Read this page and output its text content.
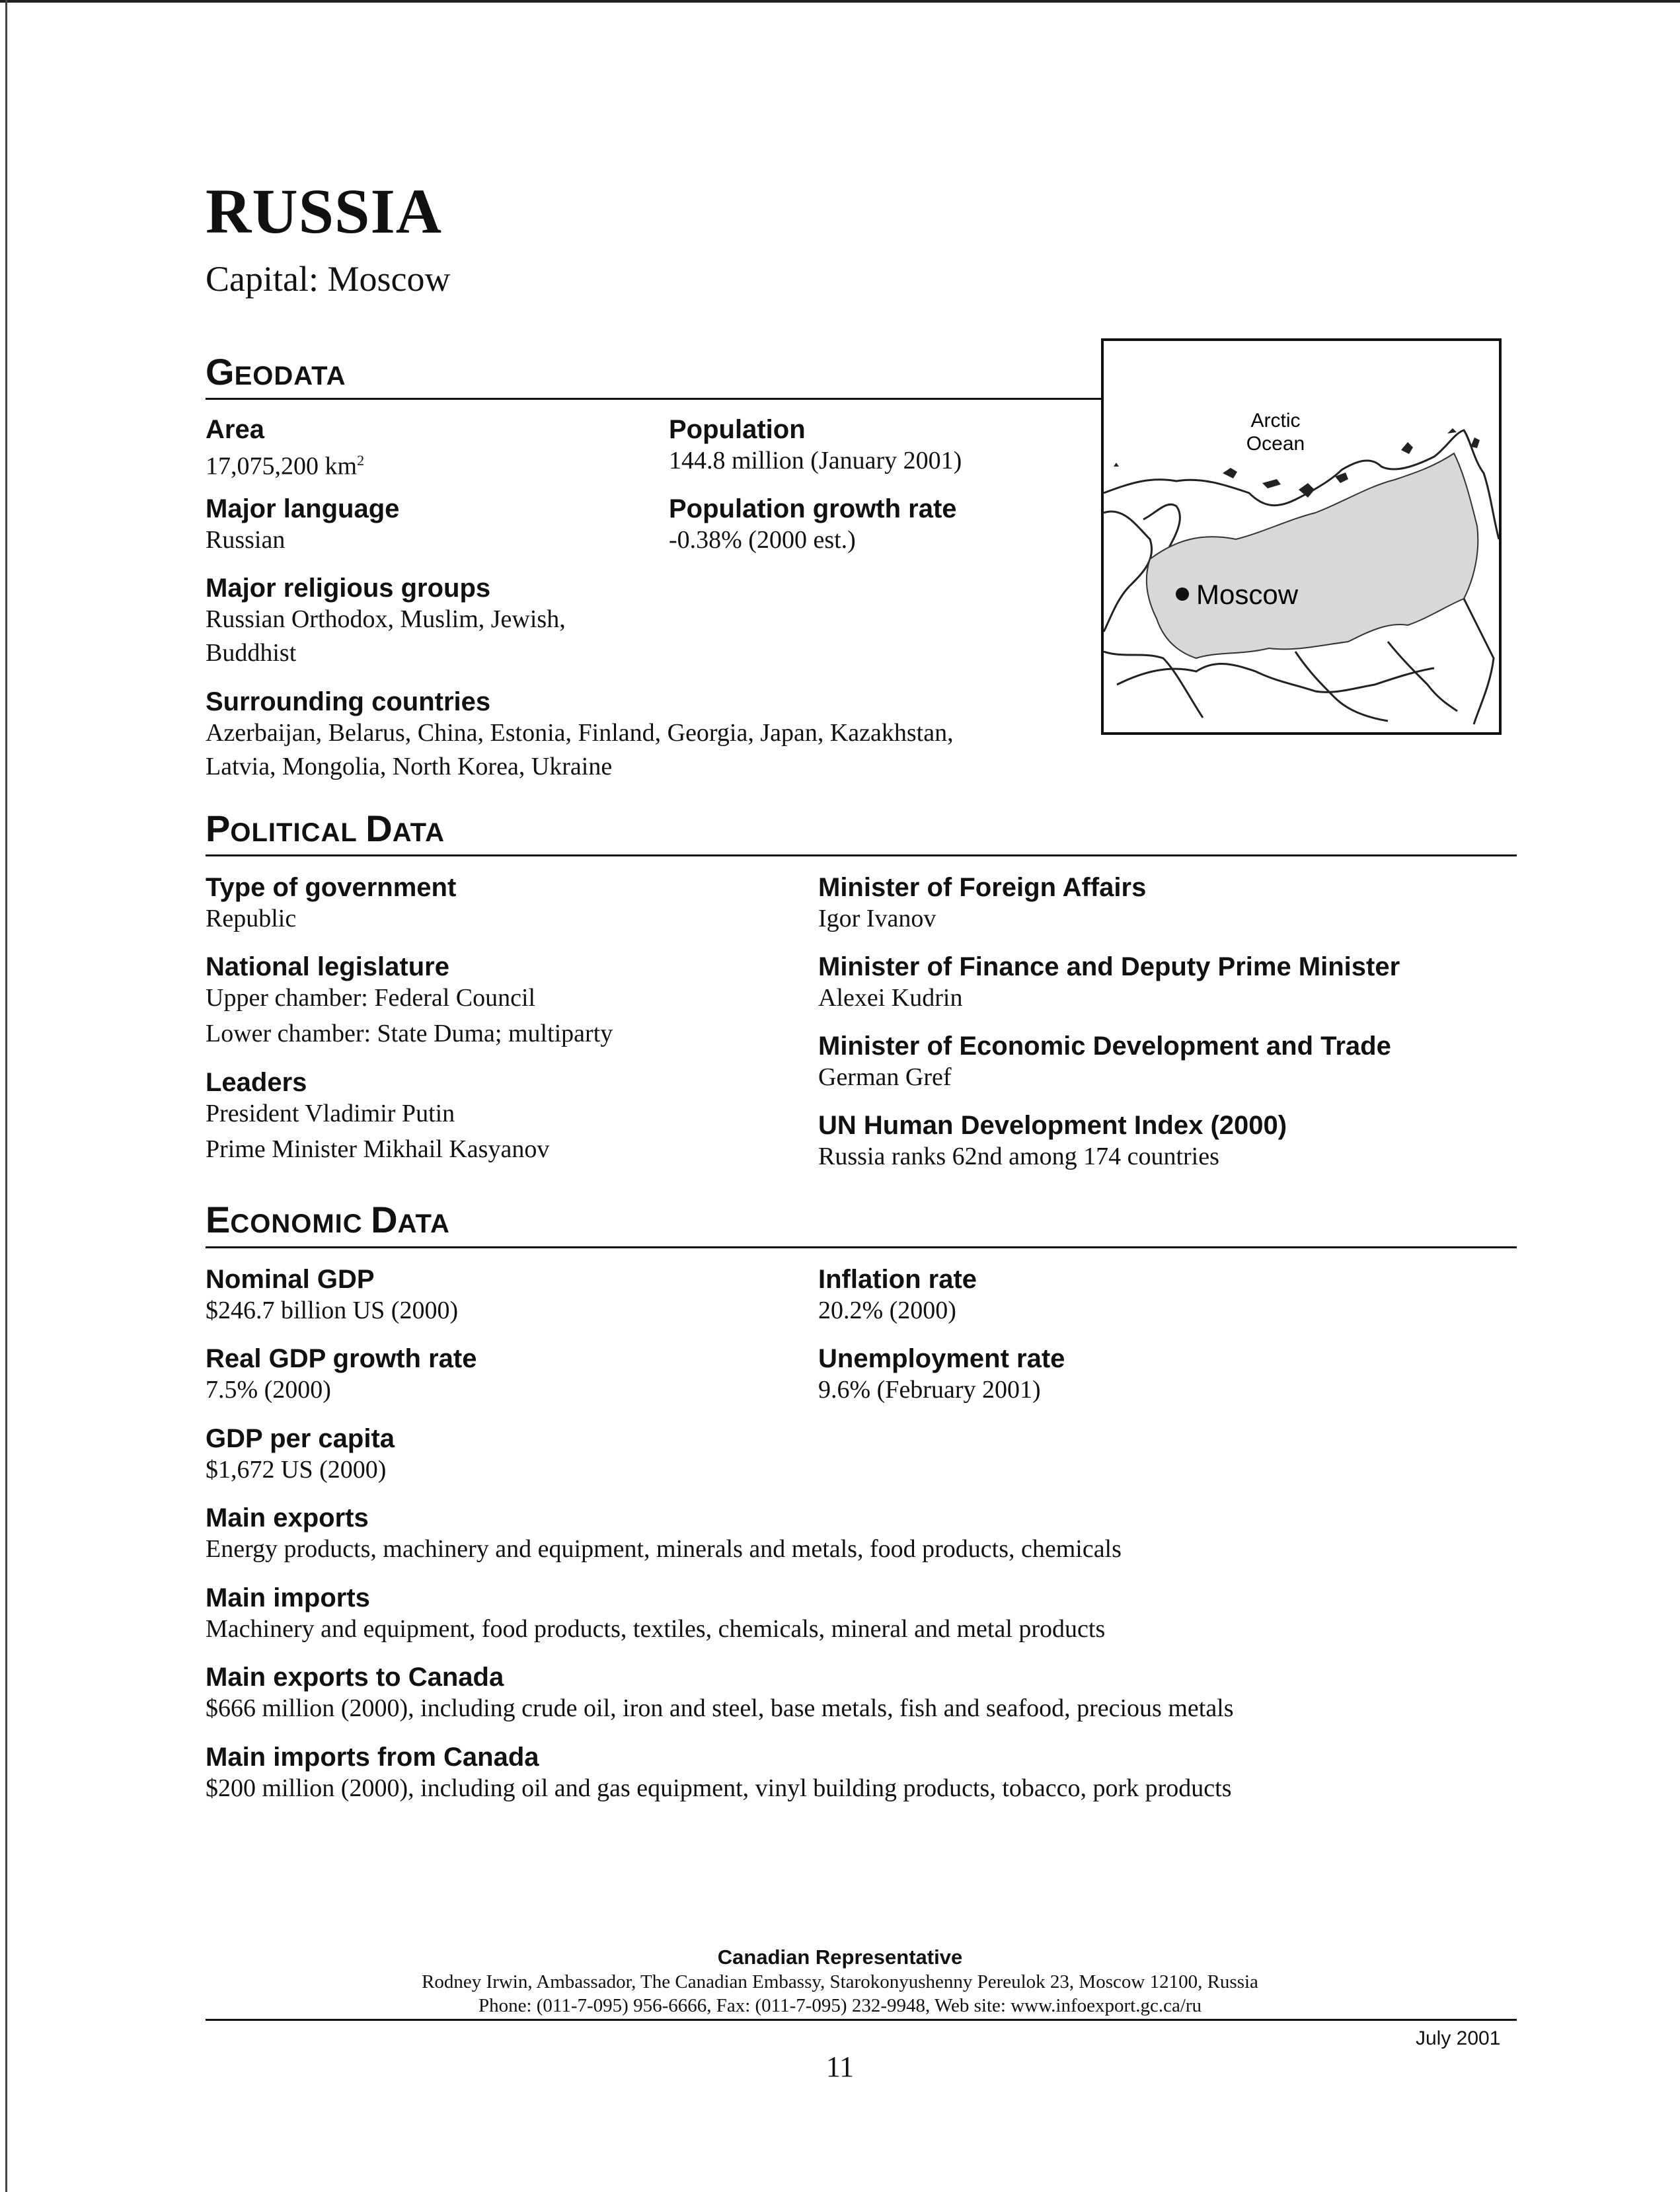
RUSSIA
Capital: Moscow
GEODATA
Area
17,075,200 $km^2$
Major language
Russian
Major religious groups
Russian Orthodox, Muslim, Jewish,
Buddhist
Surrounding countries
Azerbaijan, Belarus, China, Estonia, Finland, Georgia, Japan, Kazakhstan,
Latvia, Mongolia, North Korea, Ukraine
Population
144.8 million (January 2001)
Population growth rate
-0.38% (2000 est.)
Arctic
Ocean
Moscow
POLITICAL DATA
Type of government
Republic
National legislature
Upper chamber: Federal Council
Lower chamber: State Duma; multiparty
Leaders
President Vladimir Putin
Prime Minister Mikhail Kasyanov
Minister of Foreign Affairs
Igor Ivanov
Minister of Finance and Deputy Prime Minister
Alexei Kudrin
Minister of Economic Development and Trade
German Gref
UN Human Development Index (2000)
Russia ranks 62nd among 174 countries
ECONOMIC DATA
Nominal GDP
$246.7 billion US (2000)
Real GDP growth rate
7.5% (2000)
GDP per capita
$1,672 US (2000)
Inflation rate
20.2% (2000)
Unemployment rate
9.6% (February 2001)
Main exports
Energy products, machinery and equipment, minerals and metals, food products, chemicals
Main imports
Machinery and equipment, food products, textiles, chemicals, mineral and metal products
Main exports to Canada
$666 million (2000), including crude oil, iron and steel, base metals, fish and seafood, precious metals
Main imports from Canada
$200 million (2000), including oil and gas equipment, vinyl building products, tobacco, pork products
Canadian Representative
Rodney Irwin, Ambassador, The Canadian Embassy, Starokonyushenny Pereulok 23, Moscow 12100, Russia
Phone: (011-7-095) 956-6666, Fax: (011-7-095) 232-9948, Web site: www.infoexport.gc.ca/ru
July 2001
11
